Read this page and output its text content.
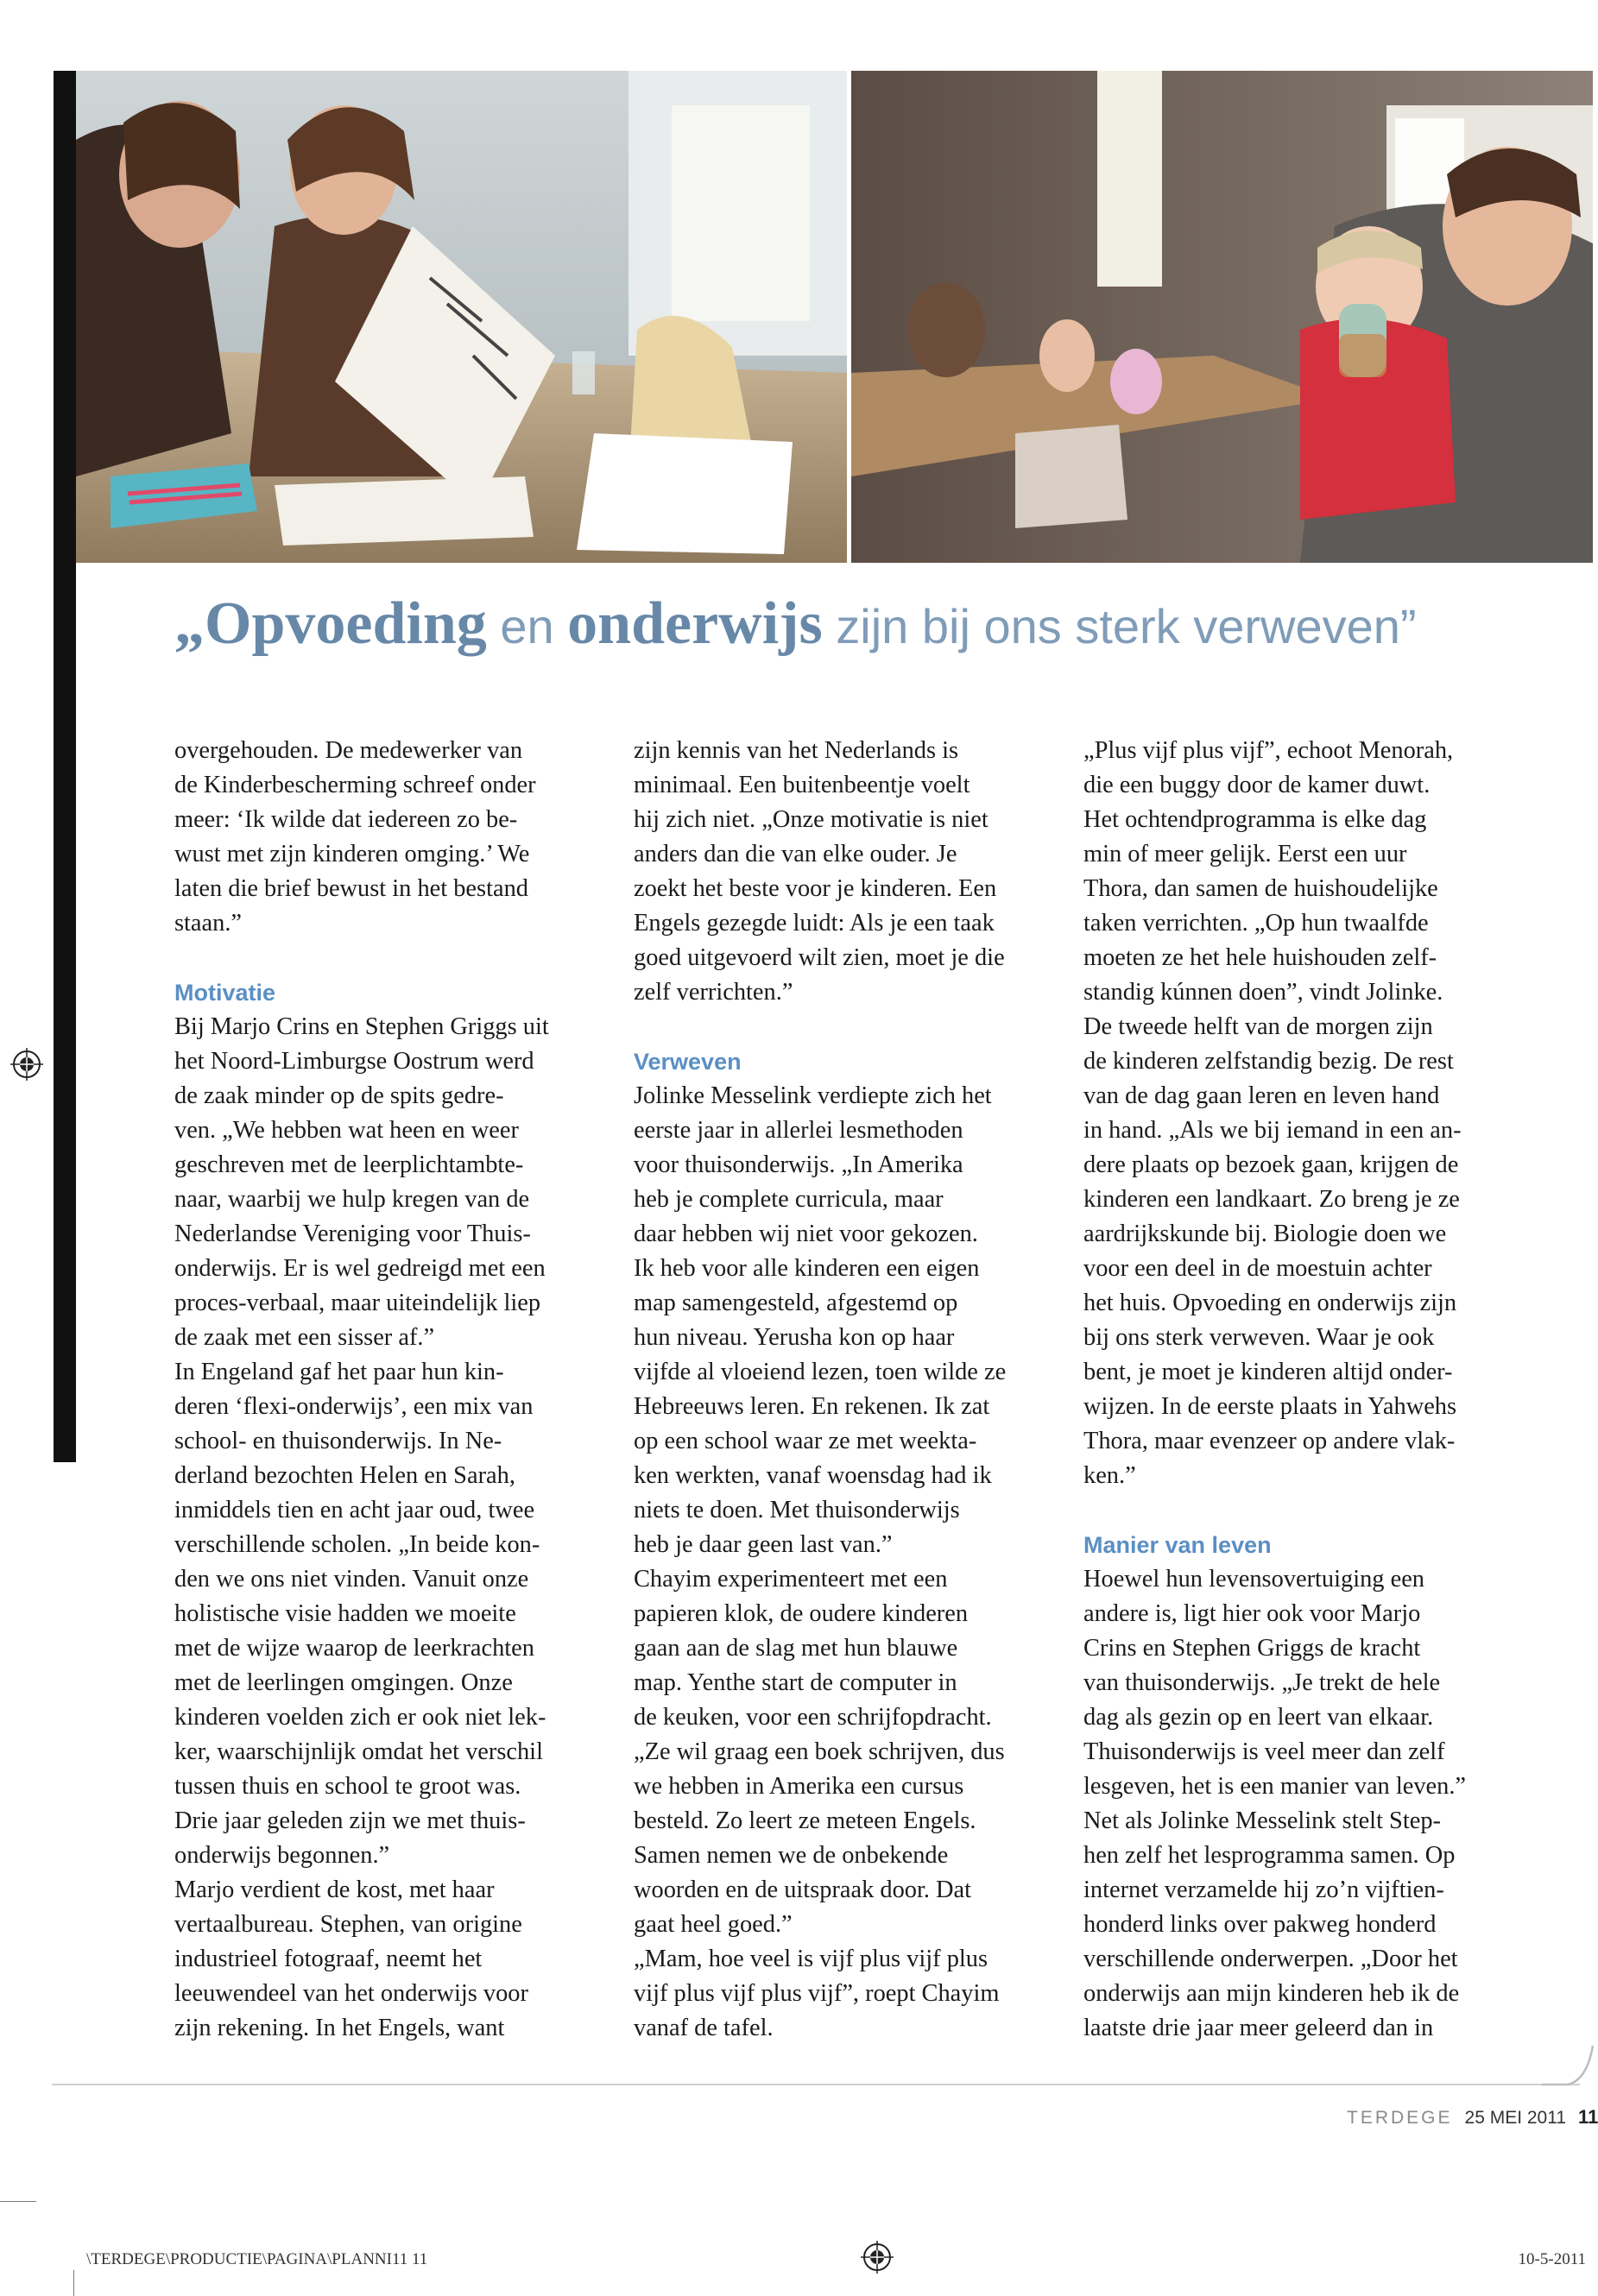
„Opvoeding en onderwijs zijn bij ons sterk verweven”
overgehouden. De medewerker van
de Kinderbescherming schreef onder
meer: ‘Ik wilde dat iedereen zo be-
wust met zijn kinderen omging.’ We
laten die brief bewust in het bestand
staan.”
Motivatie
Bij Marjo Crins en Stephen Griggs uit
het Noord-Limburgse Oostrum werd
de zaak minder op de spits gedre-
ven. „We hebben wat heen en weer
geschreven met de leerplichtambte-
naar, waarbij we hulp kregen van de
Nederlandse Vereniging voor Thuis-
onderwijs. Er is wel gedreigd met een
proces-verbaal, maar uiteindelijk liep
de zaak met een sisser af.”
In Engeland gaf het paar hun kin-
deren ‘flexi-onderwijs’, een mix van
school- en thuisonderwijs. In Ne-
derland bezochten Helen en Sarah,
inmiddels tien en acht jaar oud, twee
verschillende scholen. „In beide kon-
den we ons niet vinden. Vanuit onze
holistische visie hadden we moeite
met de wijze waarop de leerkrachten
met de leerlingen omgingen. Onze
kinderen voelden zich er ook niet lek-
ker, waarschijnlijk omdat het verschil
tussen thuis en school te groot was.
Drie jaar geleden zijn we met thuis-
onderwijs begonnen.”
Marjo verdient de kost, met haar
vertaalbureau. Stephen, van origine
industrieel fotograaf, neemt het
leeuwendeel van het onderwijs voor
zijn rekening. In het Engels, want
zijn kennis van het Nederlands is
minimaal. Een buitenbeentje voelt
hij zich niet. „Onze motivatie is niet
anders dan die van elke ouder. Je
zoekt het beste voor je kinderen. Een
Engels gezegde luidt: Als je een taak
goed uitgevoerd wilt zien, moet je die
zelf verrichten.”
Verweven
Jolinke Messelink verdiepte zich het
eerste jaar in allerlei lesmethoden
voor thuisonderwijs. „In Amerika
heb je complete curricula, maar
daar hebben wij niet voor gekozen.
Ik heb voor alle kinderen een eigen
map samengesteld, afgestemd op
hun niveau. Yerusha kon op haar
vijfde al vloeiend lezen, toen wilde ze
Hebreeuws leren. En rekenen. Ik zat
op een school waar ze met weekta-
ken werkten, vanaf woensdag had ik
niets te doen. Met thuisonderwijs
heb je daar geen last van.”
Chayim experimenteert met een
papieren klok, de oudere kinderen
gaan aan de slag met hun blauwe
map. Yenthe start de computer in
de keuken, voor een schrijfopdracht.
„Ze wil graag een boek schrijven, dus
we hebben in Amerika een cursus
besteld. Zo leert ze meteen Engels.
Samen nemen we de onbekende
woorden en de uitspraak door. Dat
gaat heel goed.”
„Mam, hoe veel is vijf plus vijf plus
vijf plus vijf plus vijf”, roept Chayim
vanaf de tafel.
„Plus vijf plus vijf”, echoot Menorah,
die een buggy door de kamer duwt.
Het ochtendprogramma is elke dag
min of meer gelijk. Eerst een uur
Thora, dan samen de huishoudelijke
taken verrichten. „Op hun twaalfde
moeten ze het hele huishouden zelf-
standig kúnnen doen”, vindt Jolinke.
De tweede helft van de morgen zijn
de kinderen zelfstandig bezig. De rest
van de dag gaan leren en leven hand
in hand. „Als we bij iemand in een an-
dere plaats op bezoek gaan, krijgen de
kinderen een landkaart. Zo breng je ze
aardrijkskunde bij. Biologie doen we
voor een deel in de moestuin achter
het huis. Opvoeding en onderwijs zijn
bij ons sterk verweven. Waar je ook
bent, je moet je kinderen altijd onder-
wijzen. In de eerste plaats in Yahwehs
Thora, maar evenzeer op andere vlak-
ken.”
Manier van leven
Hoewel hun levensovertuiging een
andere is, ligt hier ook voor Marjo
Crins en Stephen Griggs de kracht
van thuisonderwijs. „Je trekt de hele
dag als gezin op en leert van elkaar.
Thuisonderwijs is veel meer dan zelf
lesgeven, het is een manier van leven.”
Net als Jolinke Messelink stelt Step-
hen zelf het lesprogramma samen. Op
internet verzamelde hij zo’n vijftien-
honderd links over pakweg honderd
verschillende onderwerpen. „Door het
onderwijs aan mijn kinderen heb ik de
laatste drie jaar meer geleerd dan in
TERDEGE 25 MEI 2011 11
\TERDEGE\PRODUCTIE\PAGINA\PLANNI11 11	10-5-2011
